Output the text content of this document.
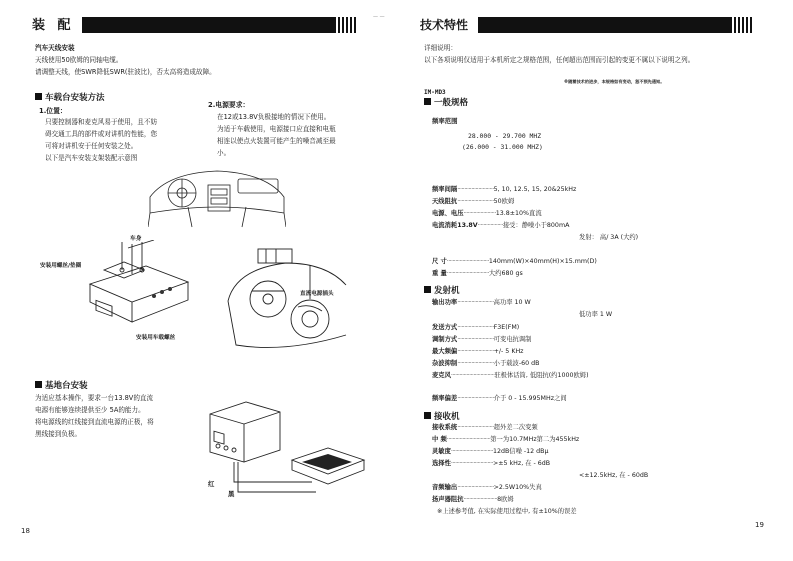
装 配
汽车天线安装
天线使用50欧姆的同轴电缆。
请调整天线，使SWR降低SWR(驻波比)，否太高将造成故障。
车载台安装方法
1.位置：
只要控制器和麦克风易于使用，且不妨
碍交通工具的部件或对讲机的性能，您
可将对讲机安于任何安装之处。
以下是汽车安装支架装配示意图
2.电源要求：
在12或13.8V负极接地的情况下使用。
为适于车载使用，电源接口应直接和电瓶
相连以使点火装置可能产生的噪音减至最
小。
车身
安装用螺丝/垫圈
安装用车载螺丝
直流电源插头
基地台安装
为适应基本操作，要求一台13.8V的直流
电源有能够连续提供至少 5A的能力。
将电源线的红线接到直流电源的正极，将
黑线接到负极。
红
黑
18
— —
技术特性
详细说明：
以下各项说明仅适用于本机所定之规格范围，任何超出范围而引起的变更不属以下说明之列。
※随着技术的进步，本规格如有变动，恕不预先通知。
IM-MD3
一般规格
频率范围
28.000 - 29.700 MHZ
(26.000 - 31.000 MHZ)
频率间隔··························5, 10, 12.5, 15, 20&25kHz
天线阻抗··························50欧姆
电源、电压·······················13.8±10%直流
电流消耗13.8V··················接受：静噪小于800mA
发射： 高/ 3A (大约)
尺 寸······························140mm(W)×40mm(H)×15.mm(D)
重 量······························大约680 gs
发射机
输出功率··························高功率 10 W
低功率 1 W
发送方式··························F3E(FM)
调制方式··························可变电抗调制
最大频偏··························+/- 5 KHz
杂波抑制··························小于载波-60 dB
麦克风·······························驻极体话筒, 低阻抗(约1000欧姆)
频率偏差··························介于 0 - 15.995MHz之间
接收机
接收系统··························超外差二次变频
中 频·······························第一为10.7MHz第二为455kHz
灵敏度······························12dB信噪 -12 dBμ
选择性······························>±5 kHz, 在 - 6dB
<±12.5kHz, 在 - 60dB
音频输出··························>2.5W10%失真
扬声器阻抗························8欧姆
※上述参考值, 在实际使用过程中, 有±10%的误差
19
